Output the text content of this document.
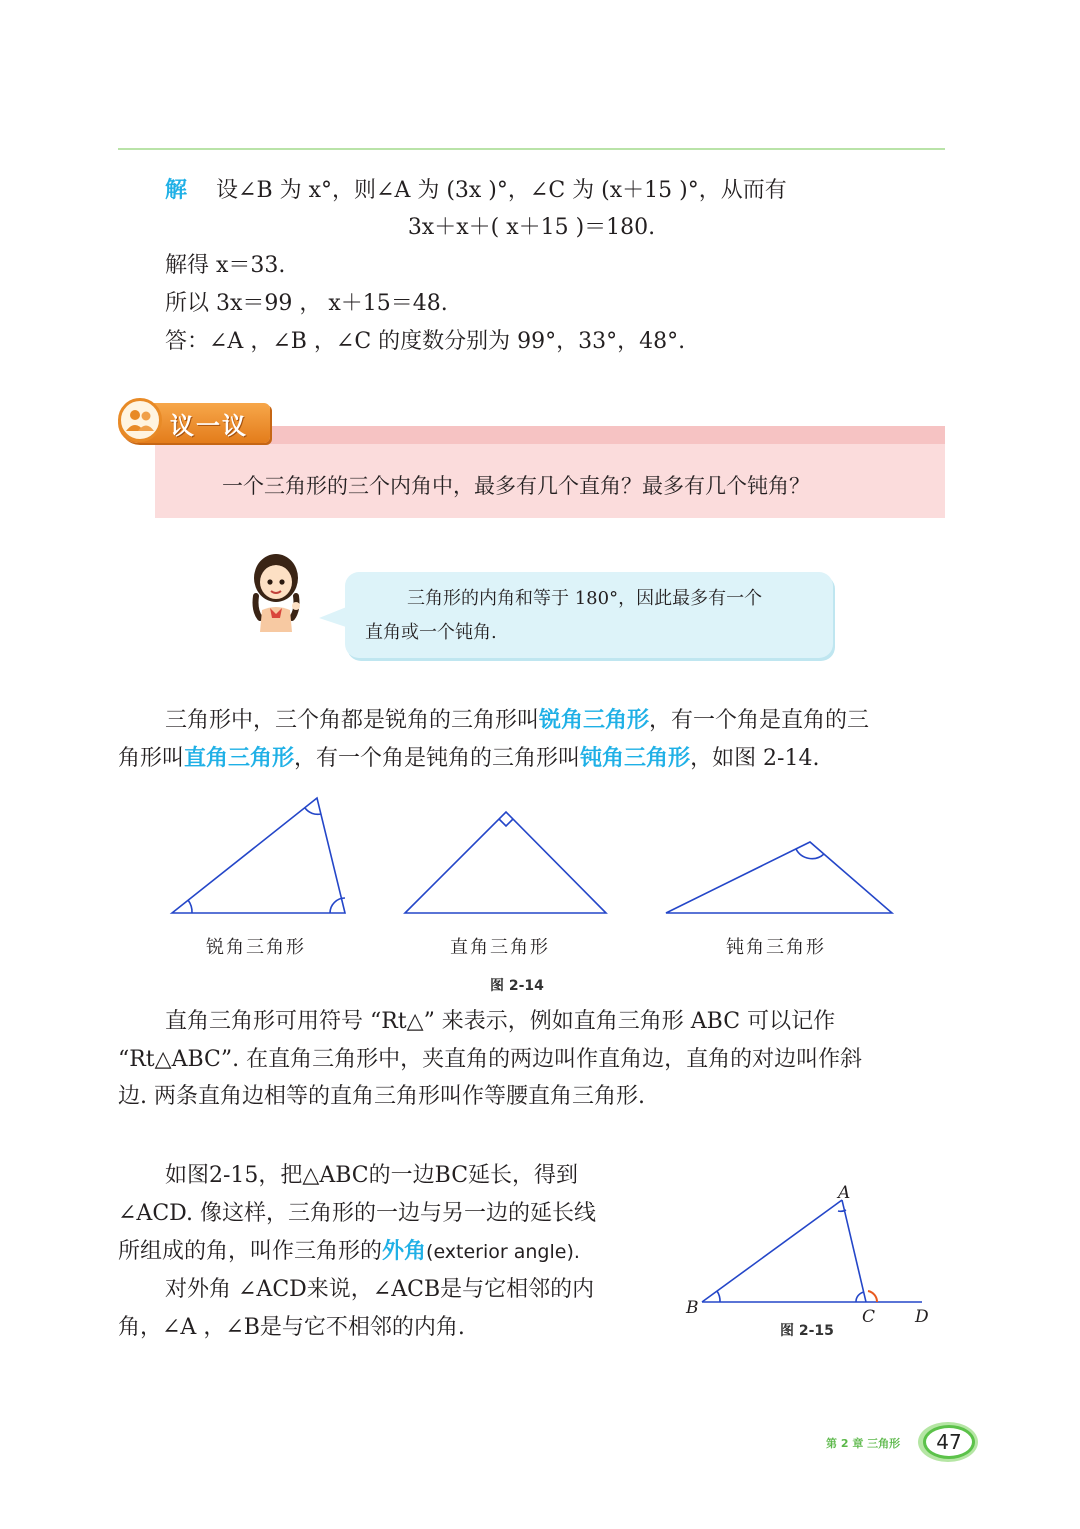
解 设∠B 为 x°，则∠A 为 (3x )°，∠C 为 (x＋15 )°，从而有
3x＋x＋( x＋15 )＝180.
解得 x＝33.
所以 3x＝99 ， x＋15＝48.
答：∠A ，∠B ，∠C 的度数分别为 99°，33°，48°.
议一议
一个三角形的三个内角中，最多有几个直角？最多有几个钝角？
三角形的内角和等于 180°，因此最多有一个
直角或一个钝角.
三角形中，三个角都是锐角的三角形叫锐角三角形，有一个角是直角的三
角形叫直角三角形，有一个角是钝角的三角形叫钝角三角形，如图 2-14.
锐角三角形	直角三角形	钝角三角形
图 2-14
直角三角形可用符号 “Rt△” 来表示，例如直角三角形 ABC 可以记作
“Rt△ABC”. 在直角三角形中，夹直角的两边叫作直角边，直角的对边叫作斜
边. 两条直角边相等的直角三角形叫作等腰直角三角形.
如图2-15，把△ABC的一边BC延长，得到
∠ACD. 像这样，三角形的一边与另一边的延长线
所组成的角，叫作三角形的外角(exterior angle).
对外角 ∠ACD来说，∠ACB是与它相邻的内
角，∠A ，∠B是与它不相邻的内角.
A
B	C D
图 2-15
第 2 章 三角形	47
